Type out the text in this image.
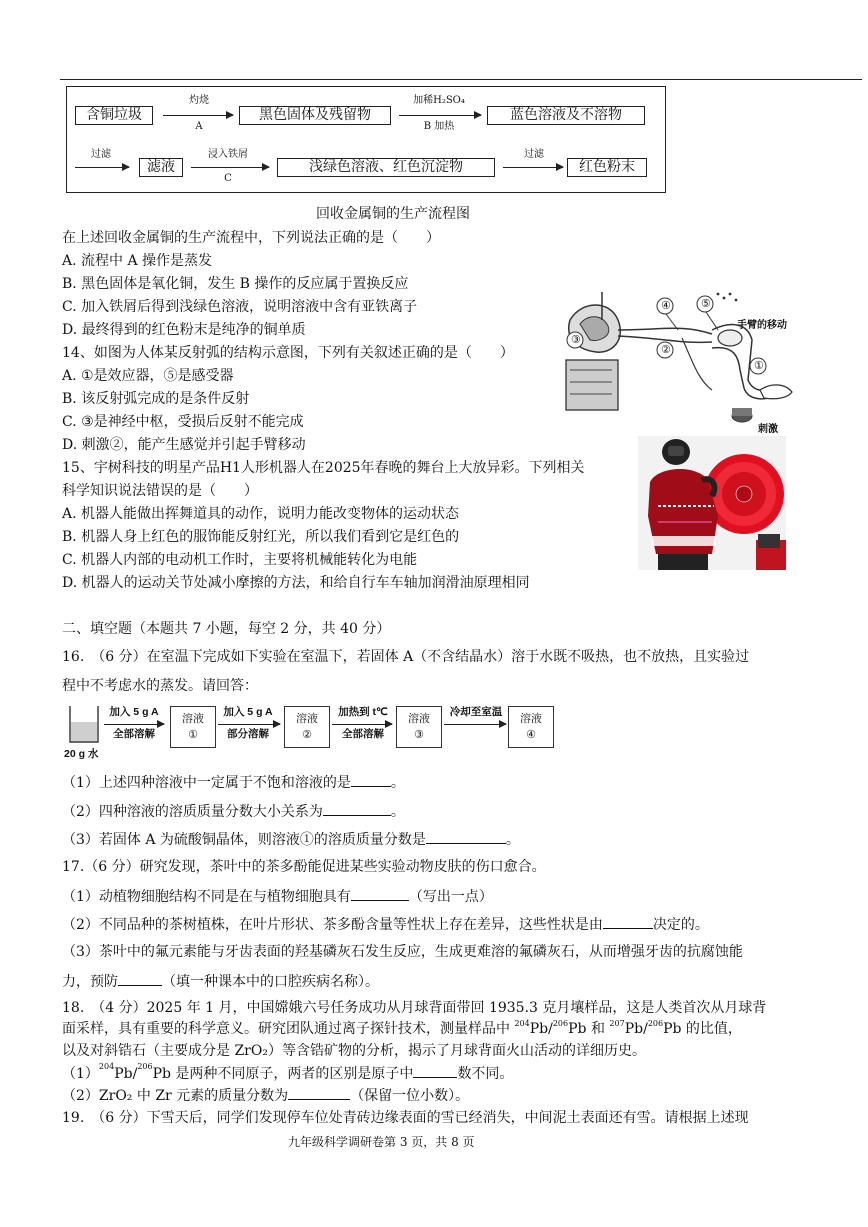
含铜垃圾
灼烧
A
黑色固体及残留物
加稀H₂SO₄
B 加热
蓝色溶液及不溶物
过滤
滤液
浸入铁屑
C
浅绿色溶液、红色沉淀物
过滤
红色粉末
回收金属铜的生产流程图
在上述回收金属铜的生产流程中，下列说法正确的是（　　）
A. 流程中 A 操作是蒸发
B. 黑色固体是氧化铜，发生 B 操作的反应属于置换反应
C. 加入铁屑后得到浅绿色溶液，说明溶液中含有亚铁离子
D. 最终得到的红色粉末是纯净的铜单质
14、如图为人体某反射弧的结构示意图，下列有关叙述正确的是（　　）
A. ①是效应器，⑤是感受器
B. 该反射弧完成的是条件反射
C. ③是神经中枢，受损后反射不能完成
D. 刺激②，能产生感觉并引起手臂移动
③
④	⑤
②
①
手臂的移动
刺激
15、宇树科技的明星产品H1人形机器人在2025年春晚的舞台上大放异彩。下列相关
科学知识说法错误的是（　　）
A. 机器人能做出挥舞道具的动作，说明力能改变物体的运动状态
B. 机器人身上红色的服饰能反射红光，所以我们看到它是红色的
C. 机器人内部的电动机工作时，主要将机械能转化为电能
D. 机器人的运动关节处减小摩擦的方法，和给自行车车轴加润滑油原理相同
二、填空题（本题共 7 小题，每空 2 分，共 40 分）
16.　（6 分）在室温下完成如下实验在室温下，若固体 A（不含结晶水）溶于水既不吸热，也不放热，且实验过
程中不考虑水的蒸发。请回答：
20 g 水
加入 5 g A
全部溶解
溶液
①
加入 5 g A
部分溶解
溶液
②
加热到 t℃
全部溶解
溶液
③
冷却至室温
溶液
④
（1）上述四种溶液中一定属于不饱和溶液的是	。
（2）四种溶液的溶质质量分数大小关系为	。
（3）若固体 A 为硫酸铜晶体，则溶液①的溶质质量分数是	。
17.（6 分）研究发现，茶叶中的茶多酚能促进某些实验动物皮肤的伤口愈合。
（1）动植物细胞结构不同是在与植物细胞具有	（写出一点）
（2）不同品种的茶树植株，在叶片形状、茶多酚含量等性状上存在差异，这些性状是由	决定的。
（3）茶叶中的氟元素能与牙齿表面的羟基磷灰石发生反应，生成更难溶的氟磷灰石，从而增强牙齿的抗腐蚀能
力，预防	（填一种课本中的口腔疾病名称）。
18.　（4 分）2025 年 1 月，中国嫦娥六号任务成功从月球背面带回 1935.3 克月壤样品，这是人类首次从月球背
面采样，具有重要的科学意义。研究团队通过离子探针技术，测量样品中 $^{204}$Pb/$^{206}$Pb 和 $^{207}$Pb/$^{206}$Pb 的比值，
以及对斜锆石（主要成分是 ZrO₂）等含锆矿物的分析，揭示了月球背面火山活动的详细历史。
$(1)^{204}Pb/^{206}Pb$ 是两种不同原子，两者的区别是原子中	数不同。
（2）ZrO₂ 中 Zr 元素的质量分数为	（保留一位小数）。
19.　（6 分）下雪天后，同学们发现停车位处青砖边缘表面的雪已经消失，中间泥土表面还有雪。请根据上述现
九年级科学调研卷第 3 页，共 8 页
